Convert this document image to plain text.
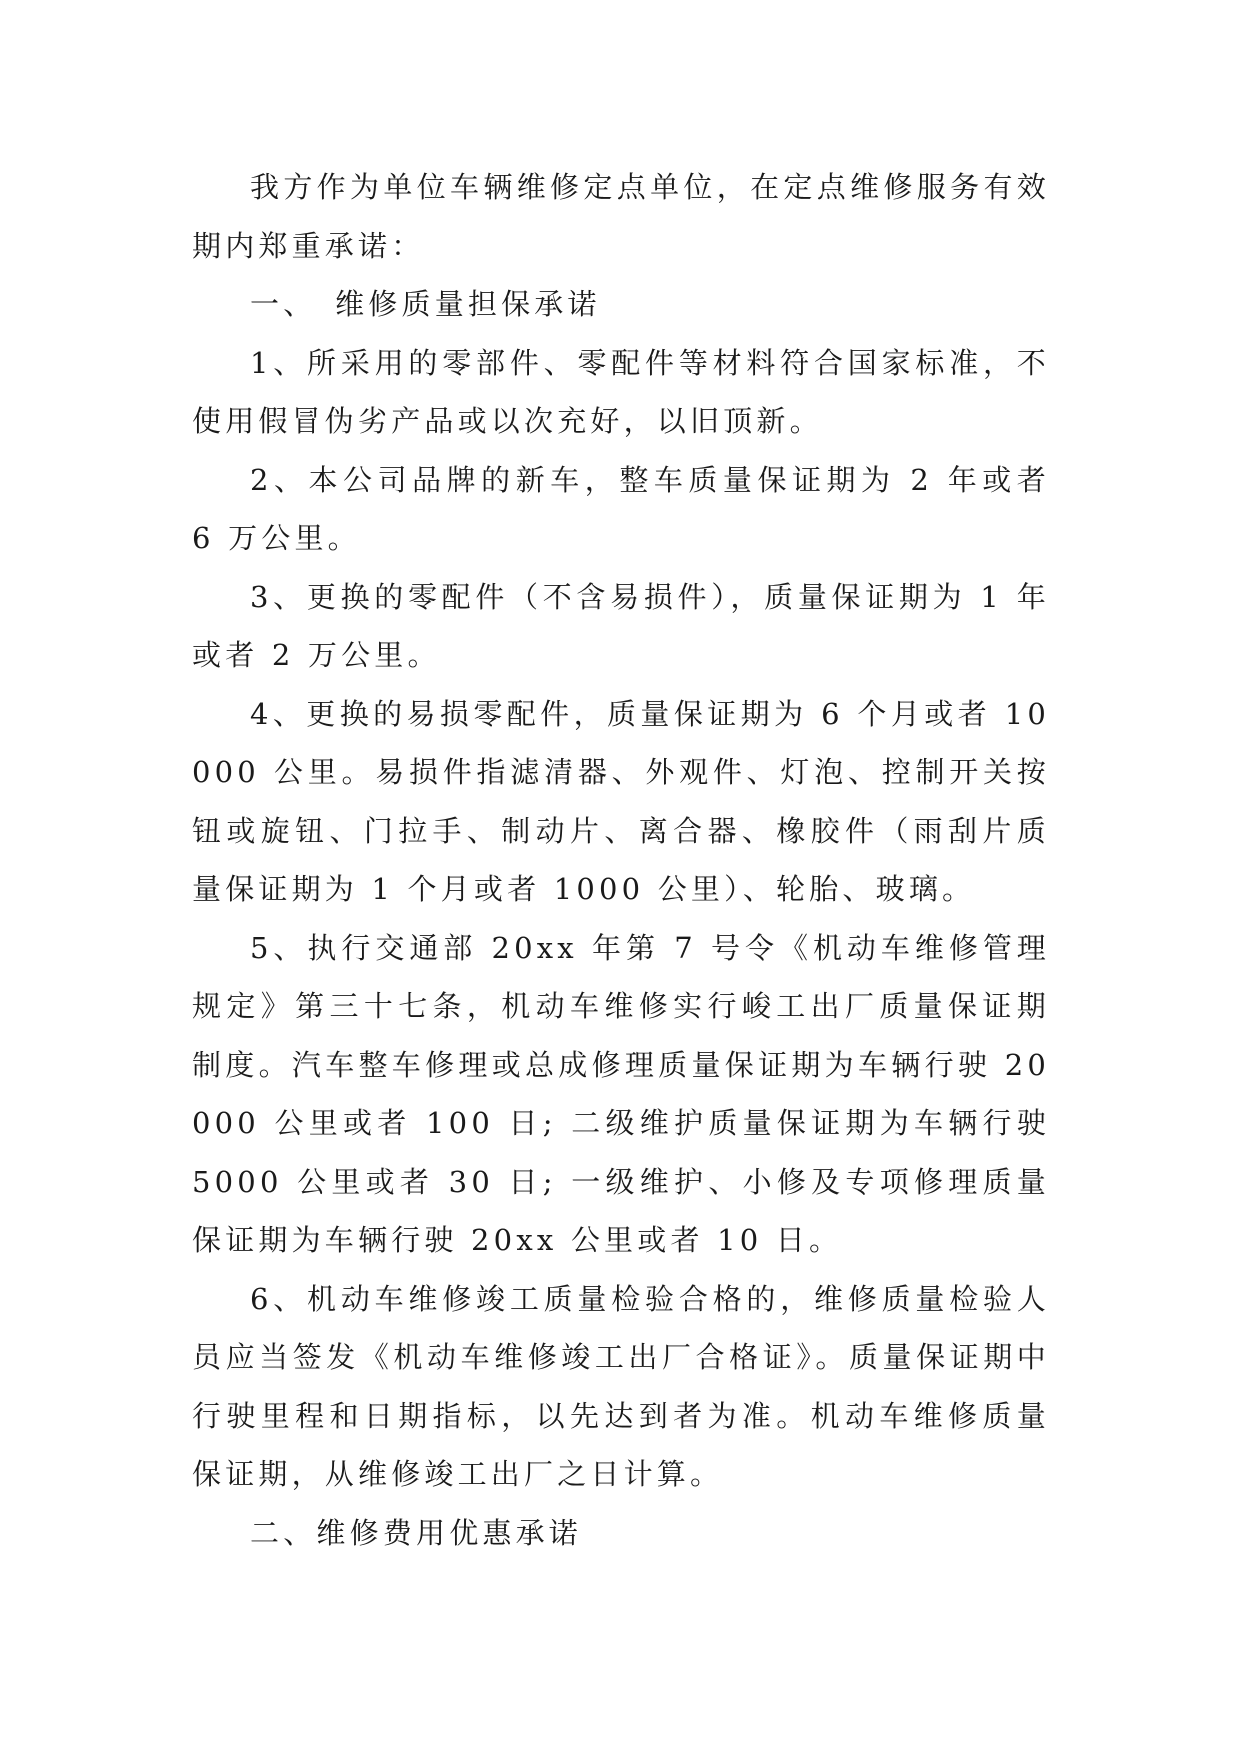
我方作为单位车辆维修定点单位，在定点维修服务有效期内郑重承诺：

一、　维修质量担保承诺

1、所采用的零部件、零配件等材料符合国家标准，不使用假冒伪劣产品或以次充好，以旧顶新。

2、本公司品牌的新车，整车质量保证期为 2 年或者 6 万公里。

3、更换的零配件（不含易损件），质量保证期为 1 年或者 2 万公里。

4、更换的易损零配件，质量保证期为 6 个月或者 10000 公里。易损件指滤清器、外观件、灯泡、控制开关按钮或旋钮、门拉手、制动片、离合器、橡胶件（雨刮片质量保证期为 1 个月或者 1000 公里）、轮胎、玻璃。

5、执行交通部 20xx 年第 7 号令《机动车维修管理规定》第三十七条，机动车维修实行峻工出厂质量保证期制度。汽车整车修理或总成修理质量保证期为车辆行驶 20000 公里或者 100 日; 二级维护质量保证期为车辆行驶 5000 公里或者 30 日; 一级维护、小修及专项修理质量保证期为车辆行驶 20xx 公里或者 10 日。

6、机动车维修竣工质量检验合格的，维修质量检验人员应当签发《机动车维修竣工出厂合格证》。质量保证期中行驶里程和日期指标，以先达到者为准。机动车维修质量保证期，从维修竣工出厂之日计算。

二、维修费用优惠承诺
